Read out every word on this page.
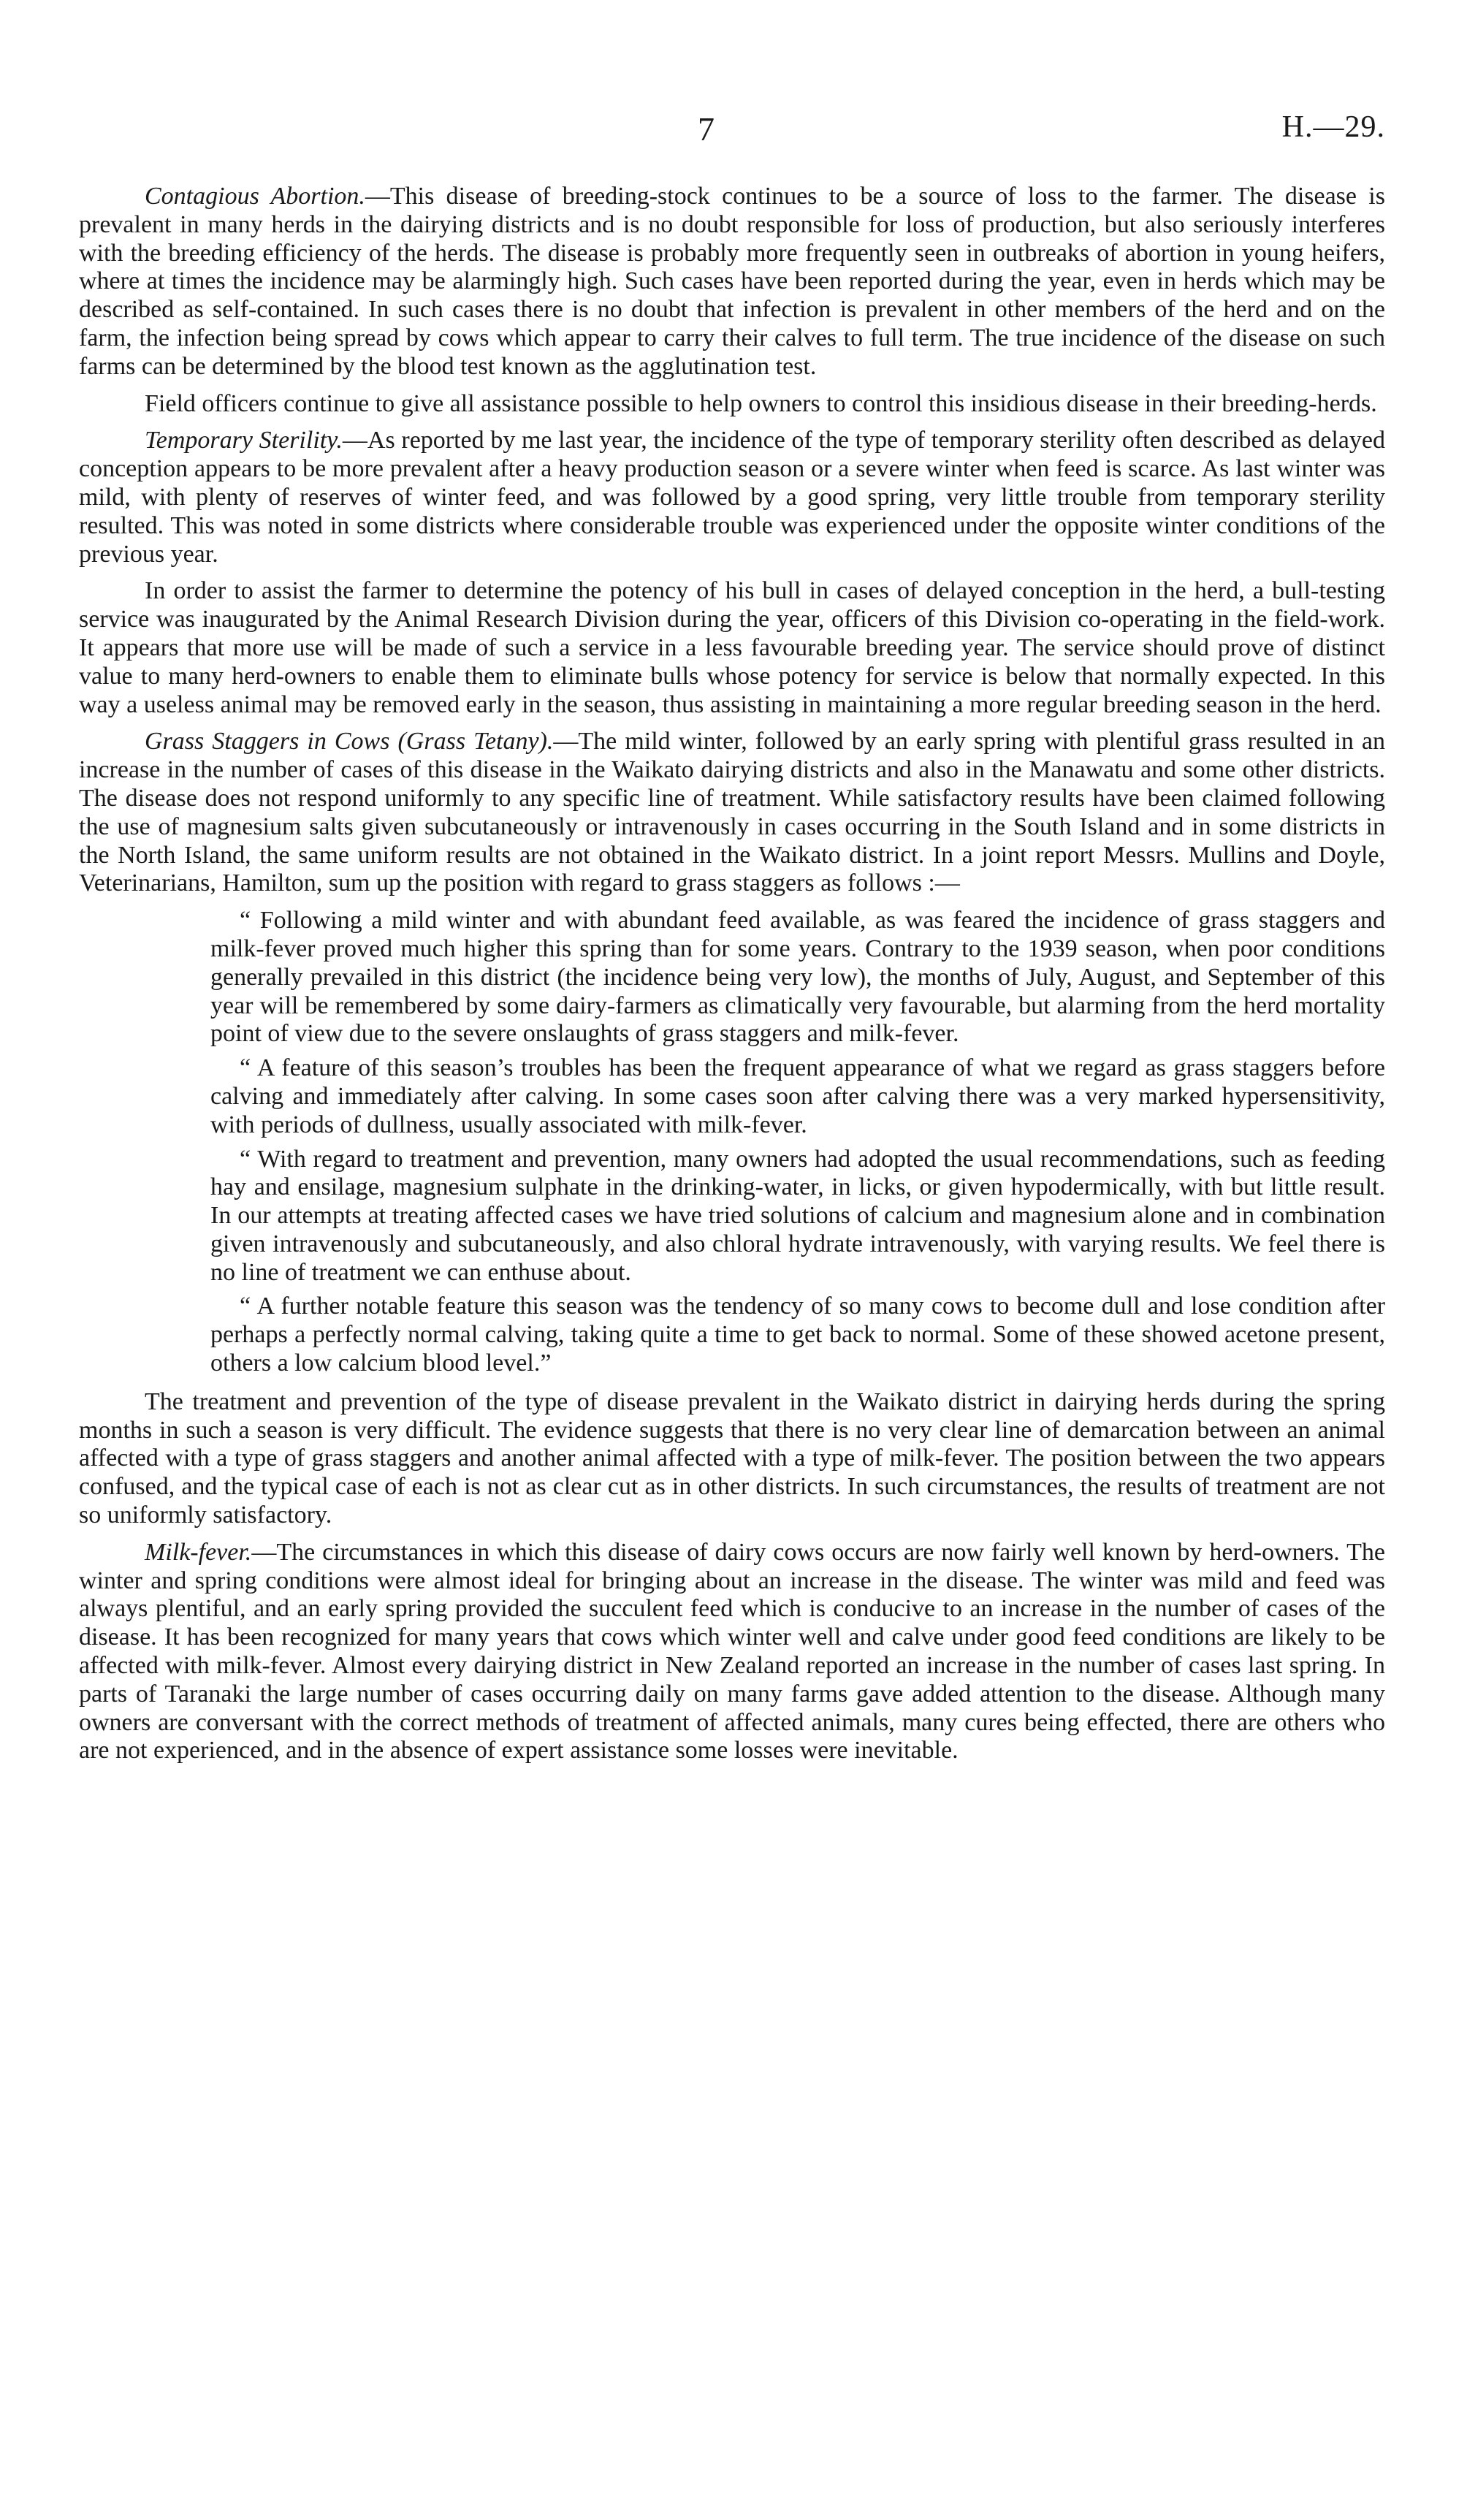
7	H.—29.

Contagious Abortion.—This disease of breeding-stock continues to be a source of loss to the farmer. The disease is prevalent in many herds in the dairying districts and is no doubt responsible for loss of production, but also seriously interferes with the breeding efficiency of the herds. The disease is probably more frequently seen in outbreaks of abortion in young heifers, where at times the incidence may be alarmingly high. Such cases have been reported during the year, even in herds which may be described as self-contained. In such cases there is no doubt that infection is prevalent in other members of the herd and on the farm, the infection being spread by cows which appear to carry their calves to full term. The true incidence of the disease on such farms can be determined by the blood test known as the agglutination test.

Field officers continue to give all assistance possible to help owners to control this insidious disease in their breeding-herds.

Temporary Sterility.—As reported by me last year, the incidence of the type of temporary sterility often described as delayed conception appears to be more prevalent after a heavy production season or a severe winter when feed is scarce. As last winter was mild, with plenty of reserves of winter feed, and was followed by a good spring, very little trouble from temporary sterility resulted. This was noted in some districts where considerable trouble was experienced under the opposite winter conditions of the previous year.

In order to assist the farmer to determine the potency of his bull in cases of delayed conception in the herd, a bull-testing service was inaugurated by the Animal Research Division during the year, officers of this Division co-operating in the field-work. It appears that more use will be made of such a service in a less favourable breeding year. The service should prove of distinct value to many herd-owners to enable them to eliminate bulls whose potency for service is below that normally expected. In this way a useless animal may be removed early in the season, thus assisting in maintaining a more regular breeding season in the herd.

Grass Staggers in Cows (Grass Tetany).—The mild winter, followed by an early spring with plentiful grass resulted in an increase in the number of cases of this disease in the Waikato dairying districts and also in the Manawatu and some other districts. The disease does not respond uniformly to any specific line of treatment. While satisfactory results have been claimed following the use of magnesium salts given subcutaneously or intravenously in cases occurring in the South Island and in some districts in the North Island, the same uniform results are not obtained in the Waikato district. In a joint report Messrs. Mullins and Doyle, Veterinarians, Hamilton, sum up the position with regard to grass staggers as follows :—

“ Following a mild winter and with abundant feed available, as was feared the incidence of grass staggers and milk-fever proved much higher this spring than for some years. Contrary to the 1939 season, when poor conditions generally prevailed in this district (the incidence being very low), the months of July, August, and September of this year will be remembered by some dairy-farmers as climatically very favourable, but alarming from the herd mortality point of view due to the severe onslaughts of grass staggers and milk-fever.

“ A feature of this season’s troubles has been the frequent appearance of what we regard as grass staggers before calving and immediately after calving. In some cases soon after calving there was a very marked hypersensitivity, with periods of dullness, usually associated with milk-fever.

“ With regard to treatment and prevention, many owners had adopted the usual recommendations, such as feeding hay and ensilage, magnesium sulphate in the drinking-water, in licks, or given hypodermically, with but little result. In our attempts at treating affected cases we have tried solutions of calcium and magnesium alone and in combination given intravenously and subcutaneously, and also chloral hydrate intravenously, with varying results. We feel there is no line of treatment we can enthuse about.

“ A further notable feature this season was the tendency of so many cows to become dull and lose condition after perhaps a perfectly normal calving, taking quite a time to get back to normal. Some of these showed acetone present, others a low calcium blood level.”

The treatment and prevention of the type of disease prevalent in the Waikato district in dairying herds during the spring months in such a season is very difficult. The evidence suggests that there is no very clear line of demarcation between an animal affected with a type of grass staggers and another animal affected with a type of milk-fever. The position between the two appears confused, and the typical case of each is not as clear cut as in other districts. In such circumstances, the results of treatment are not so uniformly satisfactory.

Milk-fever.—The circumstances in which this disease of dairy cows occurs are now fairly well known by herd-owners. The winter and spring conditions were almost ideal for bringing about an increase in the disease. The winter was mild and feed was always plentiful, and an early spring provided the succulent feed which is conducive to an increase in the number of cases of the disease. It has been recognized for many years that cows which winter well and calve under good feed conditions are likely to be affected with milk-fever. Almost every dairying district in New Zealand reported an increase in the number of cases last spring. In parts of Taranaki the large number of cases occurring daily on many farms gave added attention to the disease. Although many owners are conversant with the correct methods of treatment of affected animals, many cures being effected, there are others who are not experienced, and in the absence of expert assistance some losses were inevitable.
